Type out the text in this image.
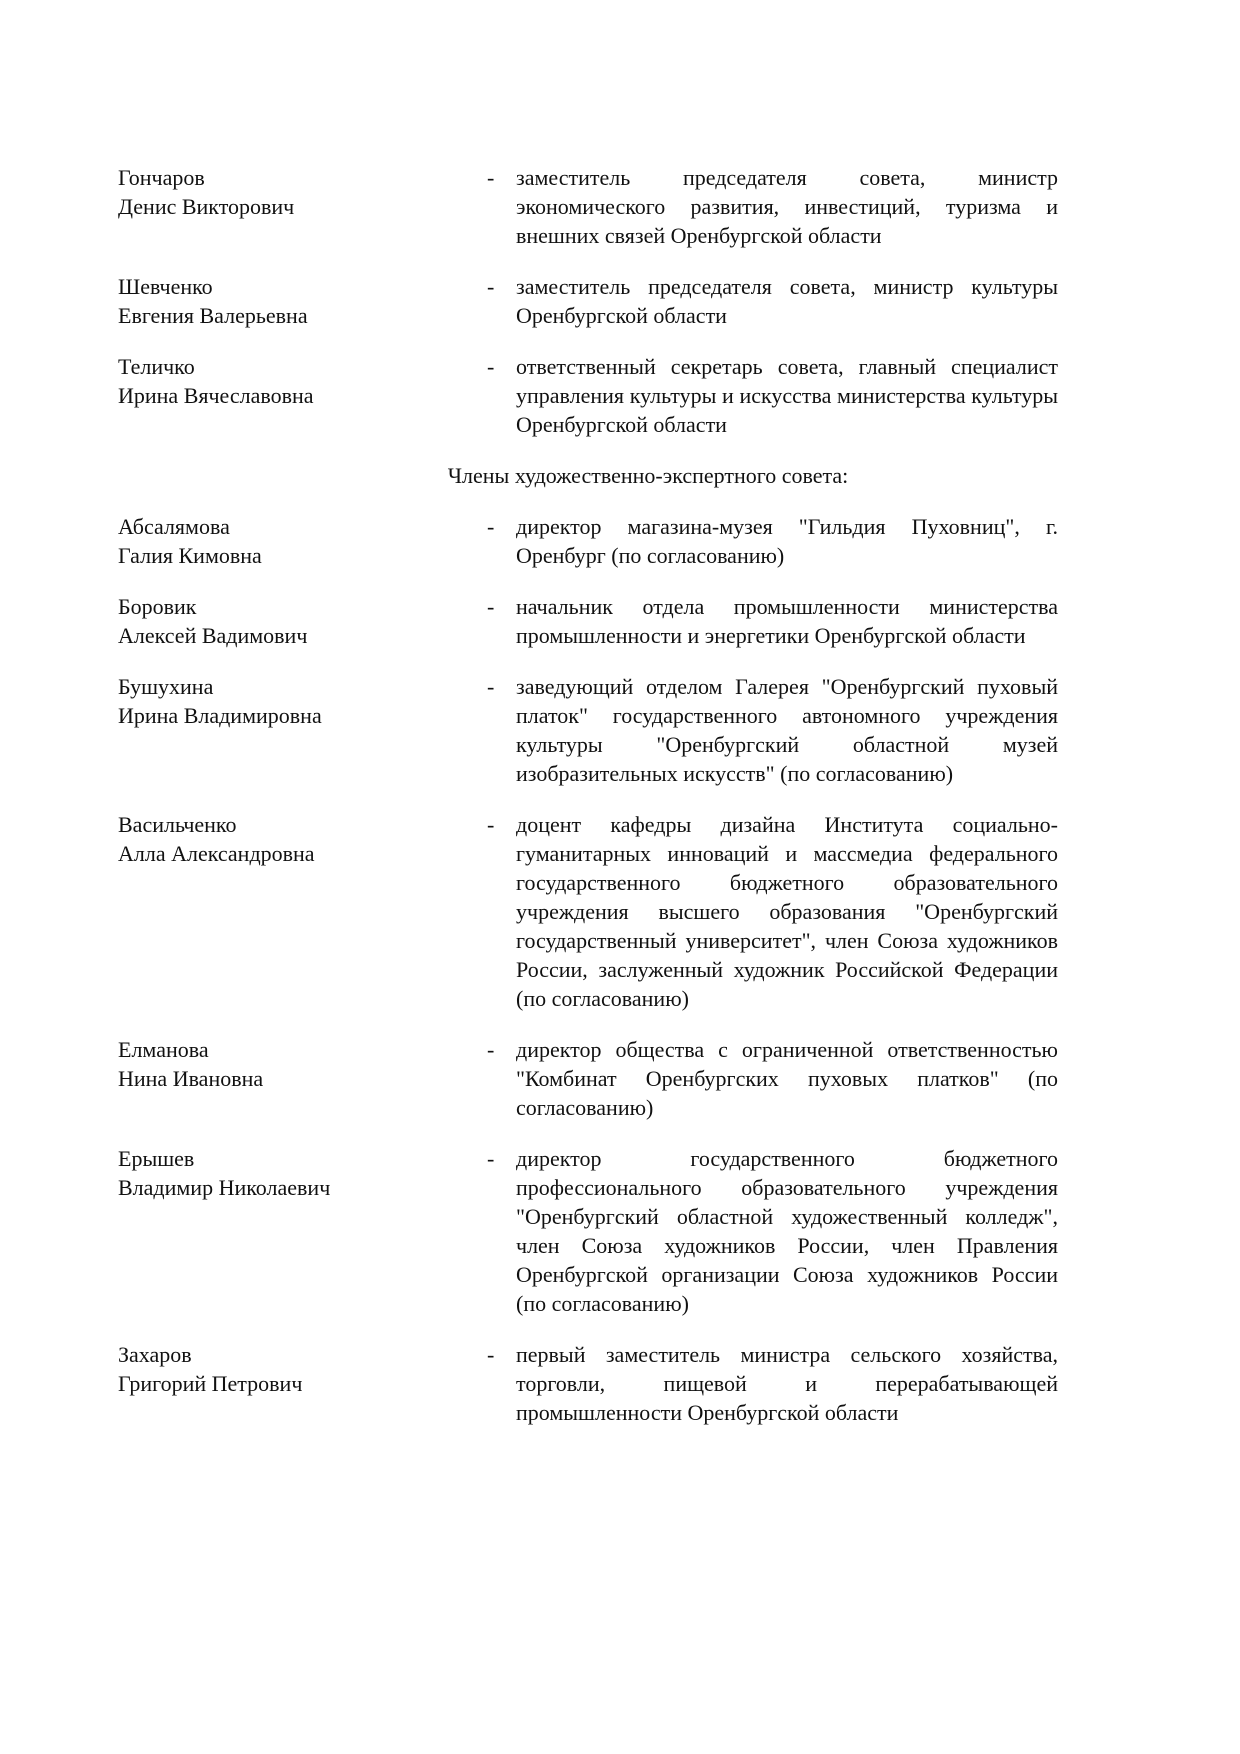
Гончаров
Денис Викторович
- заместитель председателя совета, министр экономического развития, инвестиций, туризма и внешних связей Оренбургской области
Шевченко
Евгения Валерьевна
- заместитель председателя совета, министр культуры Оренбургской области
Теличко
Ирина Вячеславовна
- ответственный секретарь совета, главный специалист управления культуры и искусства министерства культуры Оренбургской области
Члены художественно-экспертного совета:
Абсалямова
Галия Кимовна
- директор магазина-музея "Гильдия Пуховниц", г. Оренбург (по согласованию)
Боровик
Алексей Вадимович
- начальник отдела промышленности министерства промышленности и энергетики Оренбургской области
Бушухина
Ирина Владимировна
- заведующий отделом Галерея "Оренбургский пуховый платок" государственного автономного учреждения культуры "Оренбургский областной музей изобразительных искусств" (по согласованию)
Васильченко
Алла Александровна
- доцент кафедры дизайна Института социально-гуманитарных инноваций и массмедиа федерального государственного бюджетного образовательного учреждения высшего образования "Оренбургский государственный университет", член Союза художников России, заслуженный художник Российской Федерации (по согласованию)
Елманова
Нина Ивановна
- директор общества с ограниченной ответственностью "Комбинат Оренбургских пуховых платков" (по согласованию)
Ерышев
Владимир Николаевич
- директор государственного бюджетного профессионального образовательного учреждения "Оренбургский областной художественный колледж", член Союза художников России, член Правления Оренбургской организации Союза художников России (по согласованию)
Захаров
Григорий Петрович
- первый заместитель министра сельского хозяйства, торговли, пищевой и перерабатывающей промышленности Оренбургской области
